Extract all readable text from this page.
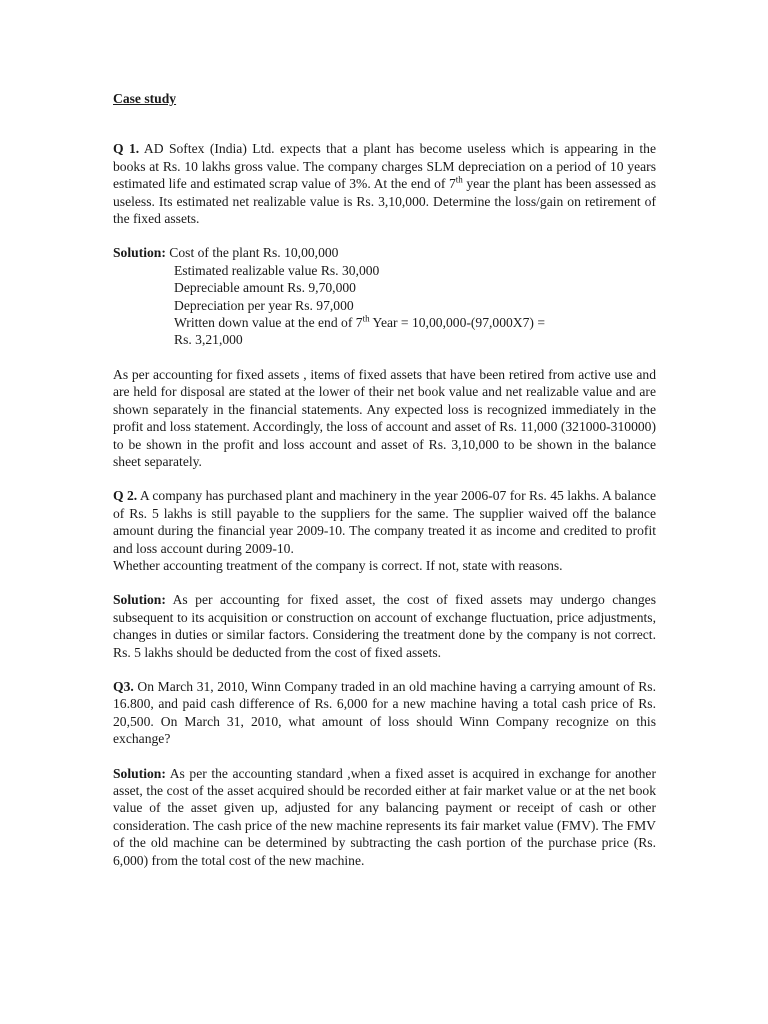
Case study

Q 1. AD Softex (India) Ltd. expects that a plant has become useless which is appearing in the books at Rs. 10 lakhs gross value. The company charges SLM depreciation on a period of 10 years estimated life and estimated scrap value of 3%. At the end of 7th year the plant has been assessed as useless. Its estimated net realizable value is Rs. 3,10,000. Determine the loss/gain on retirement of the fixed assets.

Solution: Cost of the plant Rs. 10,00,000
Estimated realizable value Rs. 30,000
Depreciable amount Rs. 9,70,000
Depreciation per year Rs. 97,000
Written down value at the end of 7th Year = 10,00,000-(97,000X7) =
Rs. 3,21,000

As per accounting for fixed assets , items of fixed assets that have been retired from active use and are held for disposal are stated at the lower of their net book value and net realizable value and are shown separately in the financial statements. Any expected loss is recognized immediately in the profit and loss statement. Accordingly, the loss of account and asset of Rs. 11,000 (321000-310000) to be shown in the profit and loss account and asset of Rs. 3,10,000 to be shown in the balance sheet separately.

Q 2. A company has purchased plant and machinery in the year 2006-07 for Rs. 45 lakhs. A balance of Rs. 5 lakhs is still payable to the suppliers for the same. The supplier waived off the balance amount during the financial year 2009-10. The company treated it as income and credited to profit and loss account during 2009-10.

Whether accounting treatment of the company is correct. If not, state with reasons.

Solution: As per accounting for fixed asset, the cost of fixed assets may undergo changes subsequent to its acquisition or construction on account of exchange fluctuation, price adjustments, changes in duties or similar factors. Considering the treatment done by the company is not correct. Rs. 5 lakhs should be deducted from the cost of fixed assets.

Q3. On March 31, 2010, Winn Company traded in an old machine having a carrying amount of Rs. 16.800, and paid cash difference of Rs. 6,000 for a new machine having a total cash price of Rs. 20,500. On March 31, 2010, what amount of loss should Winn Company recognize on this exchange?

Solution: As per the accounting standard ,when a fixed asset is acquired in exchange for another asset, the cost of the asset acquired should be recorded either at fair market value or at the net book value of the asset given up, adjusted for any balancing payment or receipt of cash or other consideration. The cash price of the new machine represents its fair market value (FMV). The FMV of the old machine can be determined by subtracting the cash portion of the purchase price (Rs. 6,000) from the total cost of the new machine.
